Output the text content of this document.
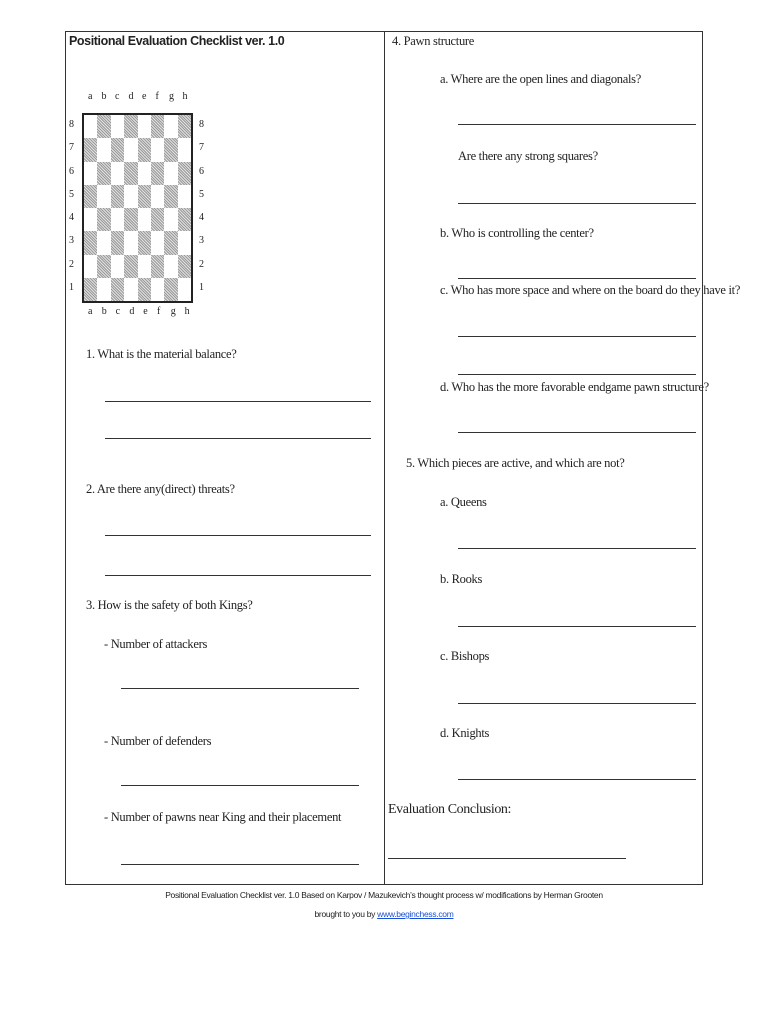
Positional Evaluation Checklist ver. 1.0
a
a
b
b
c
c
d
d
e
e
f
f
g
g
h
h
8	8
7	7
6	6
5	5
4	4
3	3
2	2
1	1
1. What is the material balance?
2. Are there any(direct) threats?
3. How is the safety of both Kings?
- Number of attackers
- Number of defenders
- Number of pawns near King and their placement
4. Pawn structure
a. Where are the open lines and diagonals?
Are there any strong squares?
b. Who is controlling the center?
c. Who has more space and where on the board do they have it?
d. Who has the more favorable endgame pawn structure?
5. Which pieces are active, and which are not?
a. Queens
b. Rooks
c. Bishops
d. Knights
Evaluation Conclusion:
Positional Evaluation Checklist ver. 1.0 Based on Karpov / Mazukevich’s thought process w/ modifications by Herman Grooten
brought to you by www.beginchess.com
